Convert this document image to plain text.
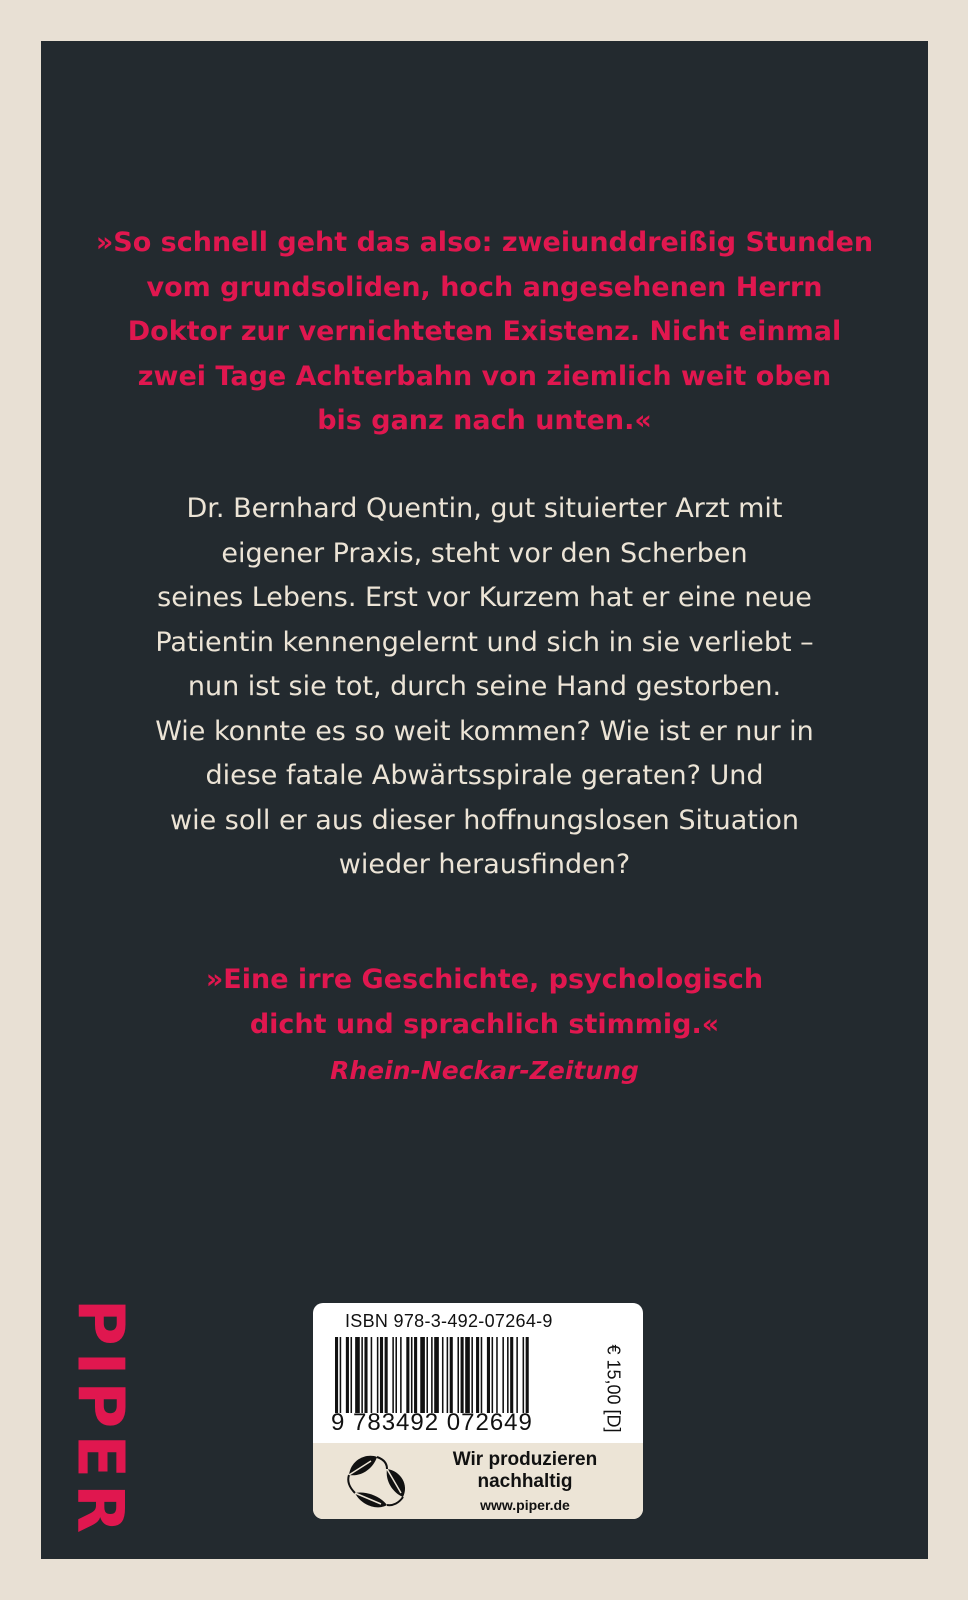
»So schnell geht das also: zweiunddreißig Stunden
vom grundsoliden, hoch angesehenen Herrn
Doktor zur vernichteten Existenz. Nicht einmal
zwei Tage Achterbahn von ziemlich weit oben
bis ganz nach unten.«
Dr. Bernhard Quentin, gut situierter Arzt mit
eigener Praxis, steht vor den Scherben
seines Lebens. Erst vor Kurzem hat er eine neue
Patientin kennengelernt und sich in sie verliebt –
nun ist sie tot, durch seine Hand gestorben.
Wie konnte es so weit kommen? Wie ist er nur in
diese fatale Abwärtsspirale geraten? Und
wie soll er aus dieser hoffnungslosen Situation
wieder herausfinden?
»Eine irre Geschichte, psychologisch
dicht und sprachlich stimmig.«
Rhein-Neckar-Zeitung
PIPER	ISBN 978-3-492-07264-9
9 783492 072649	€ 15,00 [D]
Wir produzieren
nachhaltig
www.piper.de
